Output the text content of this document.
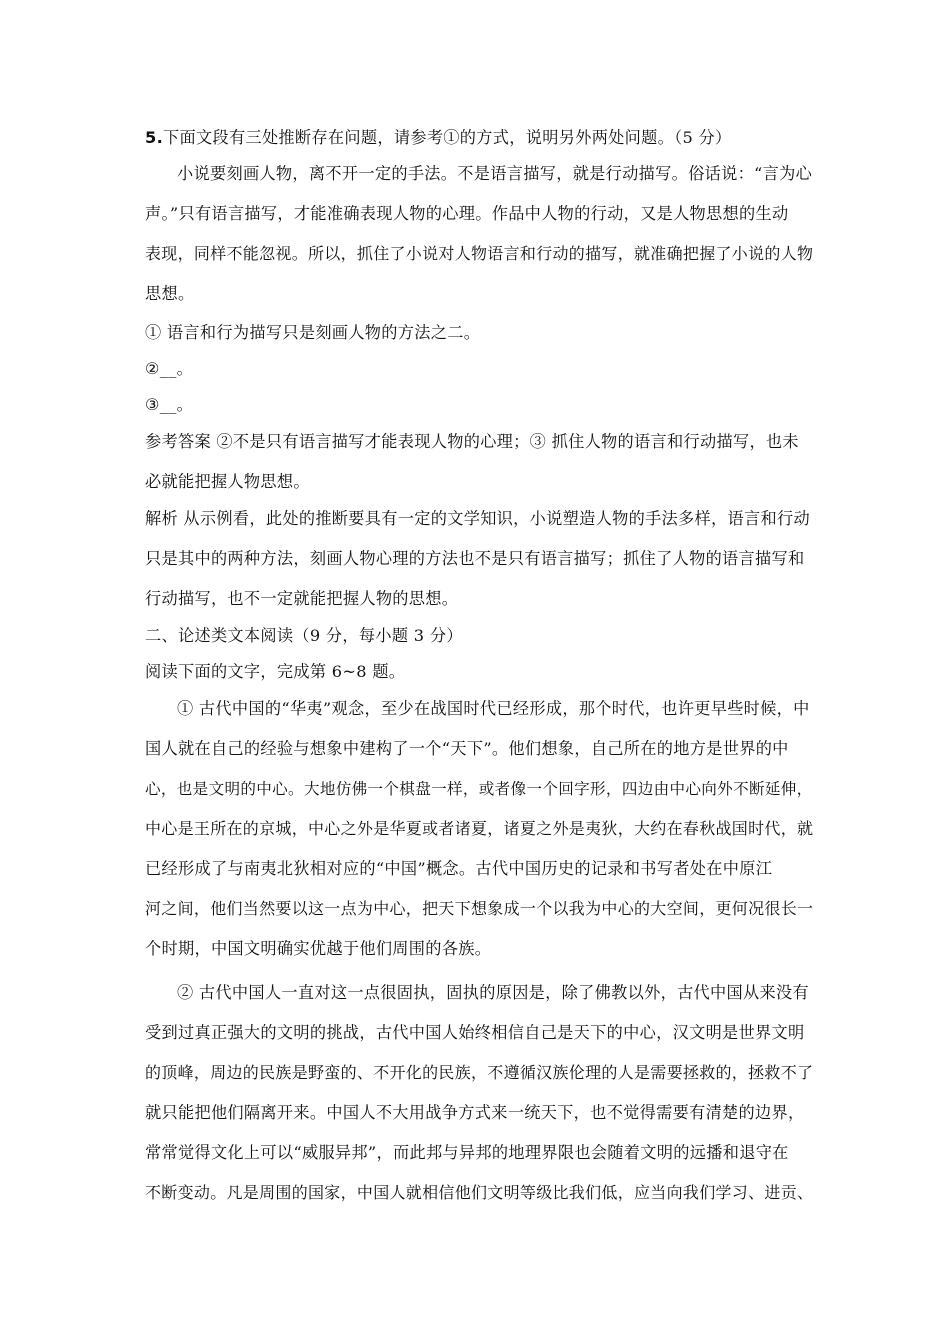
5.下面文段有三处推断存在问题，请参考①的方式，说明另外两处问题。（5 分）
小说要刻画人物，离不开一定的手法。不是语言描写，就是行动描写。俗话说：“言为心
声。”只有语言描写，才能准确表现人物的心理。作品中人物的行动，又是人物思想的生动
表现，同样不能忽视。所以，抓住了小说对人物语言和行动的描写，就准确把握了小说的人物
思想。
① 语言和行为描写只是刻画人物的方法之二。
②__。
③__。
参考答案 ②不是只有语言描写才能表现人物的心理；③ 抓住人物的语言和行动描写，也未
必就能把握人物思想。
解析 从示例看，此处的推断要具有一定的文学知识，小说塑造人物的手法多样，语言和行动
只是其中的两种方法，刻画人物心理的方法也不是只有语言描写；抓住了人物的语言描写和
行动描写，也不一定就能把握人物的思想。
二、论述类文本阅读（9 分，每小题 3 分）
阅读下面的文字，完成第 6~8 题。
① 古代中国的“华夷”观念，至少在战国时代已经形成，那个时代，也许更早些时候，中
国人就在自己的经验与想象中建构了一个“天下”。他们想象，自己所在的地方是世界的中
心，也是文明的中心。大地仿佛一个棋盘一样，或者像一个回字形，四边由中心向外不断延伸，
中心是王所在的京城，中心之外是华夏或者诸夏，诸夏之外是夷狄，大约在春秋战国时代，就
已经形成了与南夷北狄相对应的“中国”概念。古代中国历史的记录和书写者处在中原江
河之间，他们当然要以这一点为中心，把天下想象成一个以我为中心的大空间，更何况很长一
个时期，中国文明确实优越于他们周围的各族。
② 古代中国人一直对这一点很固执，固执的原因是，除了佛教以外，古代中国从来没有
受到过真正强大的文明的挑战，古代中国人始终相信自己是天下的中心，汉文明是世界文明
的顶峰，周边的民族是野蛮的、不开化的民族，不遵循汉族伦理的人是需要拯救的，拯救不了
就只能把他们隔离开来。中国人不大用战争方式来一统天下，也不觉得需要有清楚的边界，
常常觉得文化上可以“威服异邦”，而此邦与异邦的地理界限也会随着文明的远播和退守在
不断变动。凡是周围的国家，中国人就相信他们文明等级比我们低，应当向我们学习、进贡、
